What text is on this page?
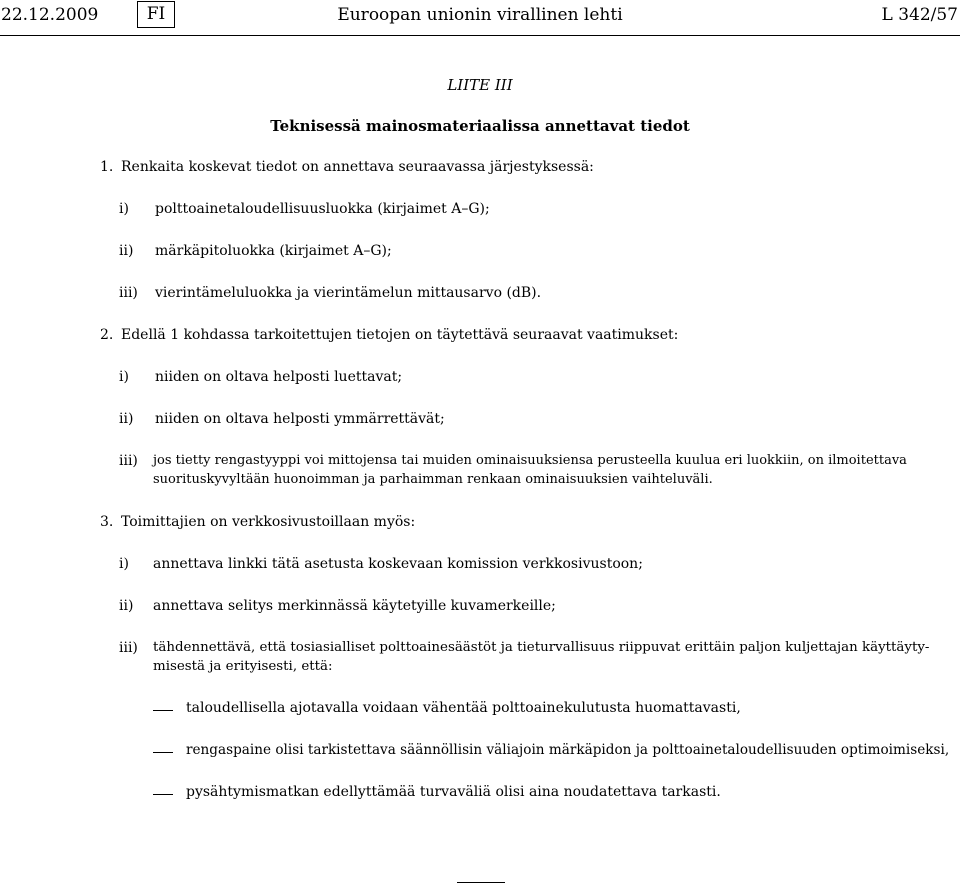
22.12.2009	FI	Euroopan unionin virallinen lehti	L 342/57
LIITE III
Teknisessä mainosmateriaalissa annettavat tiedot
1. Renkaita koskevat tiedot on annettava seuraavassa järjestyksessä:
i) polttoainetaloudellisuusluokka (kirjaimet A–G);
ii) märkäpitoluokka (kirjaimet A–G);
iii) vierintämeluluokka ja vierintämelun mittausarvo (dB).
2. Edellä 1 kohdassa tarkoitettujen tietojen on täytettävä seuraavat vaatimukset:
i) niiden on oltava helposti luettavat;
ii) niiden on oltava helposti ymmärrettävät;
iii) jos tietty rengastyyppi voi mittojensa tai muiden ominaisuuksiensa perusteella kuulua eri luokkiin, on ilmoitettava
suorituskyvyltään huonoimman ja parhaimman renkaan ominaisuuksien vaihteluväli.
3. Toimittajien on verkkosivustoillaan myös:
i) annettava linkki tätä asetusta koskevaan komission verkkosivustoon;
ii) annettava selitys merkinnässä käytetyille kuvamerkeille;
iii) tähdennettävä, että tosiasialliset polttoainesäästöt ja tieturvallisuus riippuvat erittäin paljon kuljettajan käyttäyty-
misestä ja erityisesti, että:
taloudellisella ajotavalla voidaan vähentää polttoainekulutusta huomattavasti,
rengaspaine olisi tarkistettava säännöllisin väliajoin märkäpidon ja polttoainetaloudellisuuden optimoimiseksi,
pysähtymismatkan edellyttämää turvaväliä olisi aina noudatettava tarkasti.
